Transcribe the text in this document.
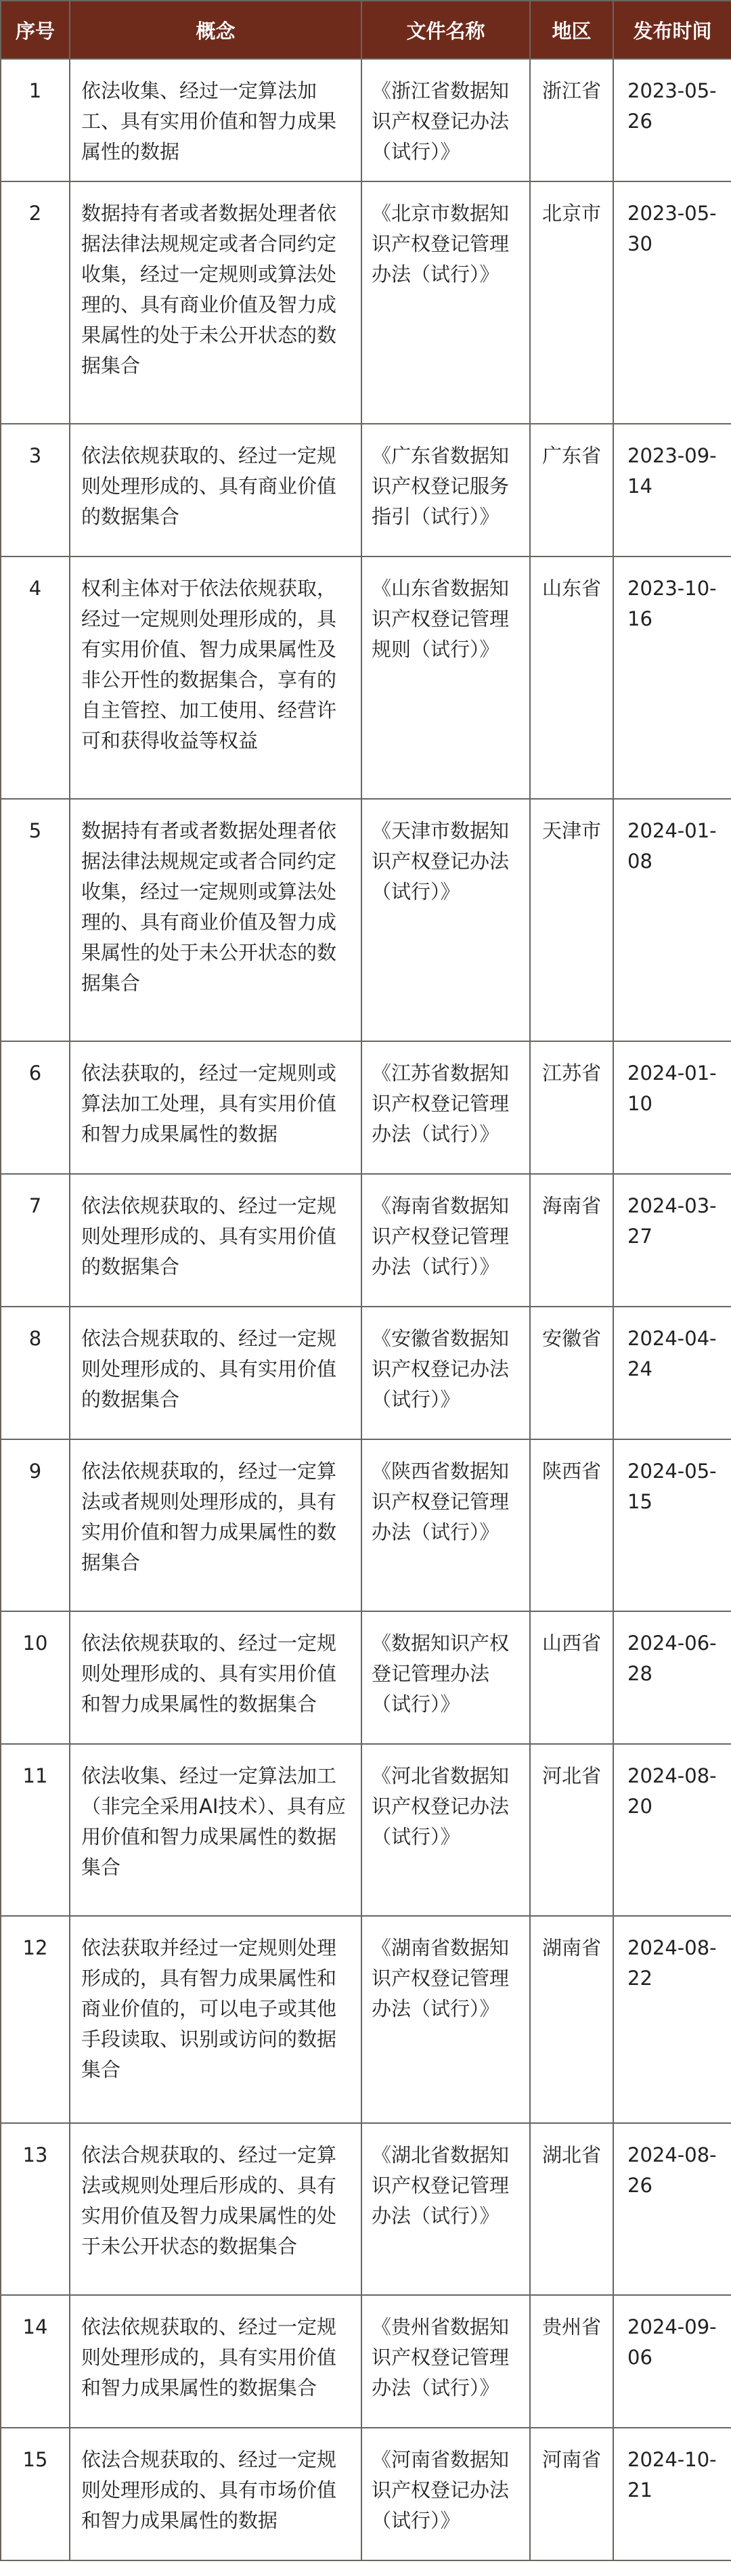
序号	概念	文件名称	地区	发布时间
1	依法收集、经过一定算法加工、具有实用价值和智力成果属性的数据	《浙江省数据知识产权登记办法（试行）》	浙江省	2023-05-26
2	数据持有者或者数据处理者依据法律法规规定或者合同约定收集，经过一定规则或算法处理的、具有商业价值及智力成果属性的处于未公开状态的数据集合	《北京市数据知识产权登记管理办法（试行）》	北京市	2023-05-30
3	依法依规获取的、经过一定规则处理形成的、具有商业价值的数据集合	《广东省数据知识产权登记服务指引（试行）》	广东省	2023-09-14
4	权利主体对于依法依规获取，经过一定规则处理形成的，具有实用价值、智力成果属性及非公开性的数据集合，享有的自主管控、加工使用、经营许可和获得收益等权益	《山东省数据知识产权登记管理规则（试行）》	山东省	2023-10-16
5	数据持有者或者数据处理者依据法律法规规定或者合同约定收集，经过一定规则或算法处理的、具有商业价值及智力成果属性的处于未公开状态的数据集合	《天津市数据知识产权登记办法（试行）》	天津市	2024-01-08
6	依法获取的，经过一定规则或算法加工处理，具有实用价值和智力成果属性的数据	《江苏省数据知识产权登记管理办法（试行）》	江苏省	2024-01-10
7	依法依规获取的、经过一定规则处理形成的、具有实用价值的数据集合	《海南省数据知识产权登记管理办法（试行）》	海南省	2024-03-27
8	依法合规获取的、经过一定规则处理形成的、具有实用价值的数据集合	《安徽省数据知识产权登记办法（试行）》	安徽省	2024-04-24
9	依法依规获取的，经过一定算法或者规则处理形成的，具有实用价值和智力成果属性的数据集合	《陕西省数据知识产权登记管理办法（试行）》	陕西省	2024-05-15
10	依法依规获取的、经过一定规则处理形成的、具有实用价值和智力成果属性的数据集合	《数据知识产权登记管理办法（试行）》	山西省	2024-06-28
11	依法收集、经过一定算法加工（非完全采用AI技术）、具有应用价值和智力成果属性的数据集合	《河北省数据知识产权登记办法（试行）》	河北省	2024-08-20
12	依法获取并经过一定规则处理形成的，具有智力成果属性和商业价值的，可以电子或其他手段读取、识别或访问的数据集合	《湖南省数据知识产权登记管理办法（试行）》	湖南省	2024-08-22
13	依法合规获取的、经过一定算法或规则处理后形成的、具有实用价值及智力成果属性的处于未公开状态的数据集合	《湖北省数据知识产权登记管理办法（试行）》	湖北省	2024-08-26
14	依法依规获取的、经过一定规则处理形成的，具有实用价值和智力成果属性的数据集合	《贵州省数据知识产权登记管理办法（试行）》	贵州省	2024-09-06
15	依法合规获取的、经过一定规则处理形成的、具有市场价值和智力成果属性的数据	《河南省数据知识产权登记办法（试行）》	河南省	2024-10-21
